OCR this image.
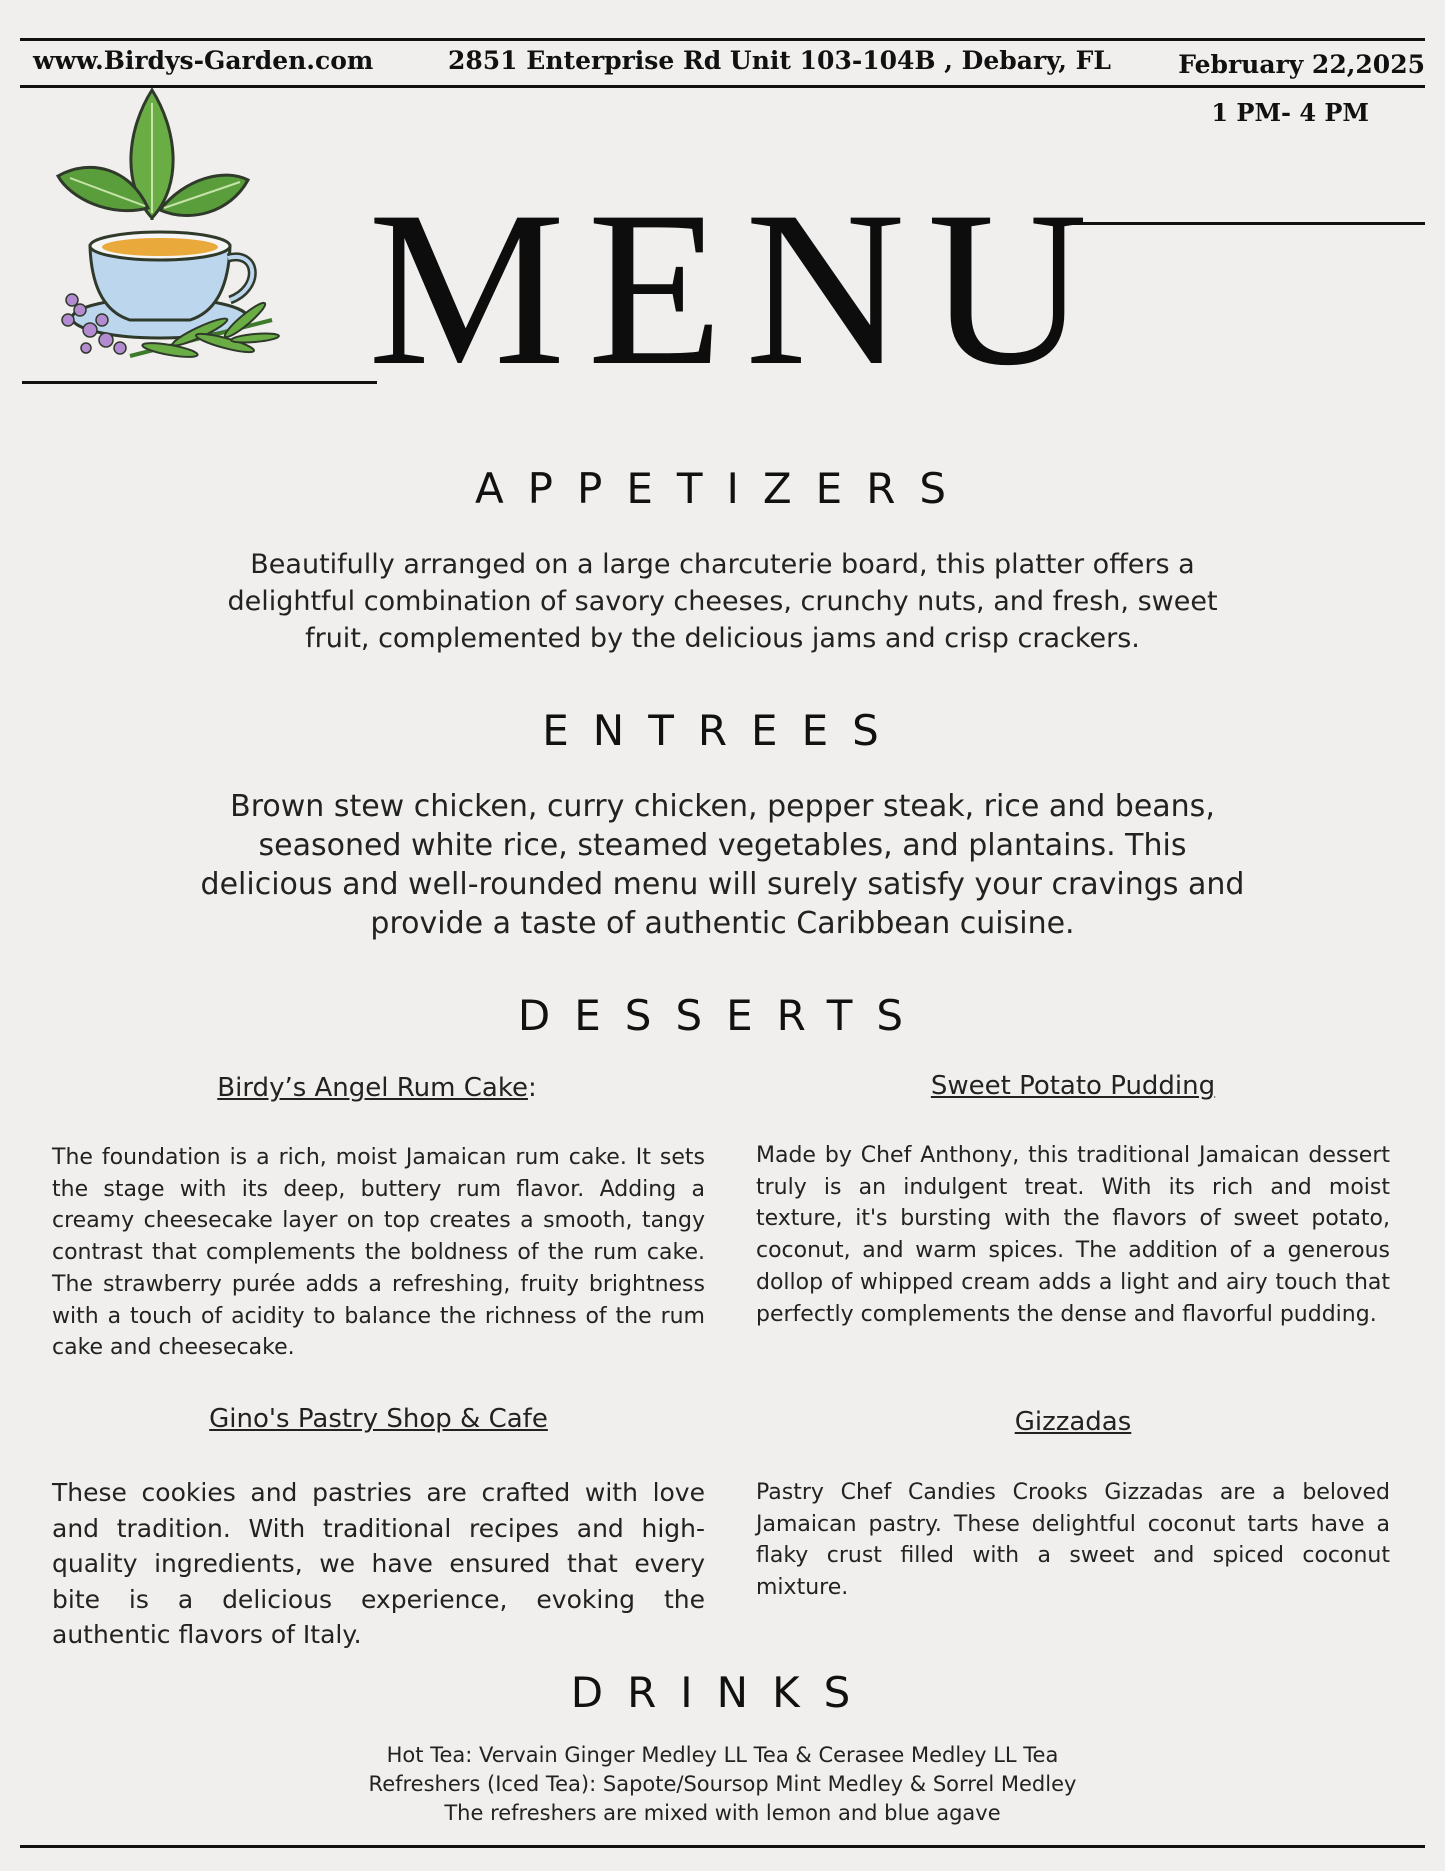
www.Birdys-Garden.com	2851 Enterprise Rd Unit 103-104B , Debary, FL	February 22,2025
1 PM- 4 PM
MENU
APPETIZERS
Beautifully arranged on a large charcuterie board, this platter offers a delightful combination of savory cheeses, crunchy nuts, and fresh, sweet fruit, complemented by the delicious jams and crisp crackers.
ENTREES
Brown stew chicken, curry chicken, pepper steak, rice and beans, seasoned white rice, steamed vegetables, and plantains. This delicious and well-rounded menu will surely satisfy your cravings and provide a taste of authentic Caribbean cuisine.
DESSERTS
Birdy’s Angel Rum Cake:

The foundation is a rich, moist Jamaican rum cake. It sets the stage with its deep, buttery rum flavor. Adding a creamy cheesecake layer on top creates a smooth, tangy contrast that complements the boldness of the rum cake. The strawberry purée adds a refreshing, fruity brightness with a touch of acidity to balance the richness of the rum cake and cheesecake.

Sweet Potato Pudding

Made by Chef Anthony, this traditional Jamaican dessert truly is an indulgent treat. With its rich and moist texture, it's bursting with the flavors of sweet potato, coconut, and warm spices. The addition of a generous dollop of whipped cream adds a light and airy touch that perfectly complements the dense and flavorful pudding.

Gino's Pastry Shop & Cafe

These cookies and pastries are crafted with love and tradition. With traditional recipes and high-quality ingredients, we have ensured that every bite is a delicious experience, evoking the authentic flavors of Italy.

Gizzadas

Pastry Chef Candies Crooks Gizzadas are a beloved Jamaican pastry. These delightful coconut tarts have a flaky crust filled with a sweet and spiced coconut mixture.

DRINKS
Hot Tea: Vervain Ginger Medley LL Tea & Cerasee Medley LL Tea
Refreshers (Iced Tea): Sapote/Soursop Mint Medley & Sorrel Medley
The refreshers are mixed with lemon and blue agave
